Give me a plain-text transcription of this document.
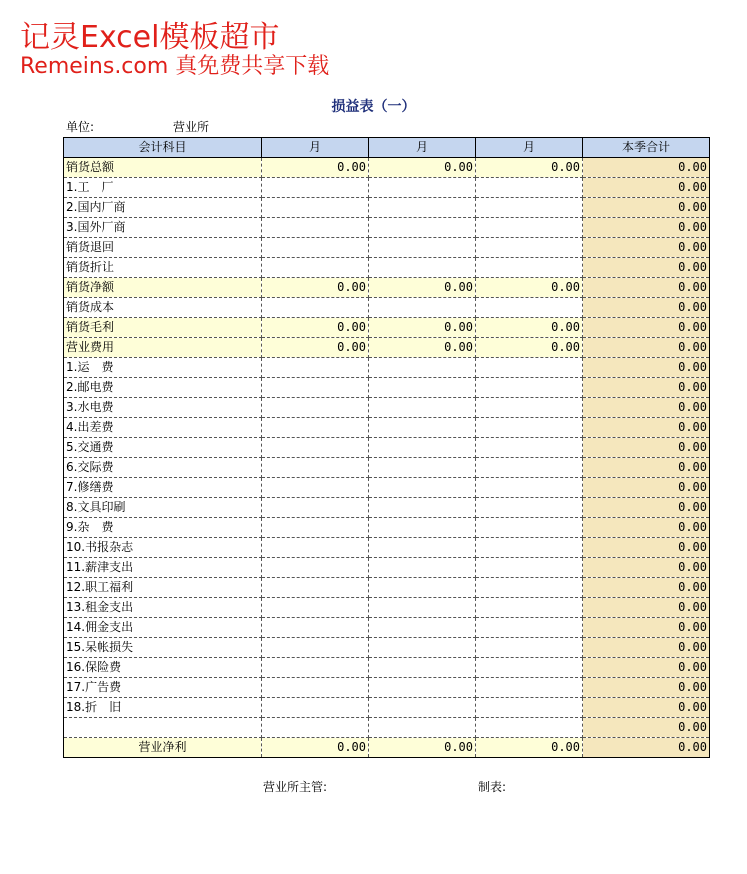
记灵Excel模板超市
Remeins.com 真免费共享下载
损益表（一）
单位:	营业所
会计科目	月	月	月	本季合计
销货总额	0.00	0.00	0.00	0.00
1.工　厂				0.00
2.国内厂商				0.00
3.国外厂商				0.00
销货退回				0.00
销货折让				0.00
销货净额	0.00	0.00	0.00	0.00
销货成本				0.00
销货毛利	0.00	0.00	0.00	0.00
营业费用	0.00	0.00	0.00	0.00
1.运　费				0.00
2.邮电费				0.00
3.水电费				0.00
4.出差费				0.00
5.交通费				0.00
6.交际费				0.00
7.修缮费				0.00
8.文具印刷				0.00
9.杂　费				0.00
10.书报杂志				0.00
11.薪津支出				0.00
12.职工福利				0.00
13.租金支出				0.00
14.佣金支出				0.00
15.呆帐损失				0.00
16.保险费				0.00
17.广告费				0.00
18.折　旧				0.00
				0.00
营业净利	0.00	0.00	0.00	0.00
营业所主管:	制表:
